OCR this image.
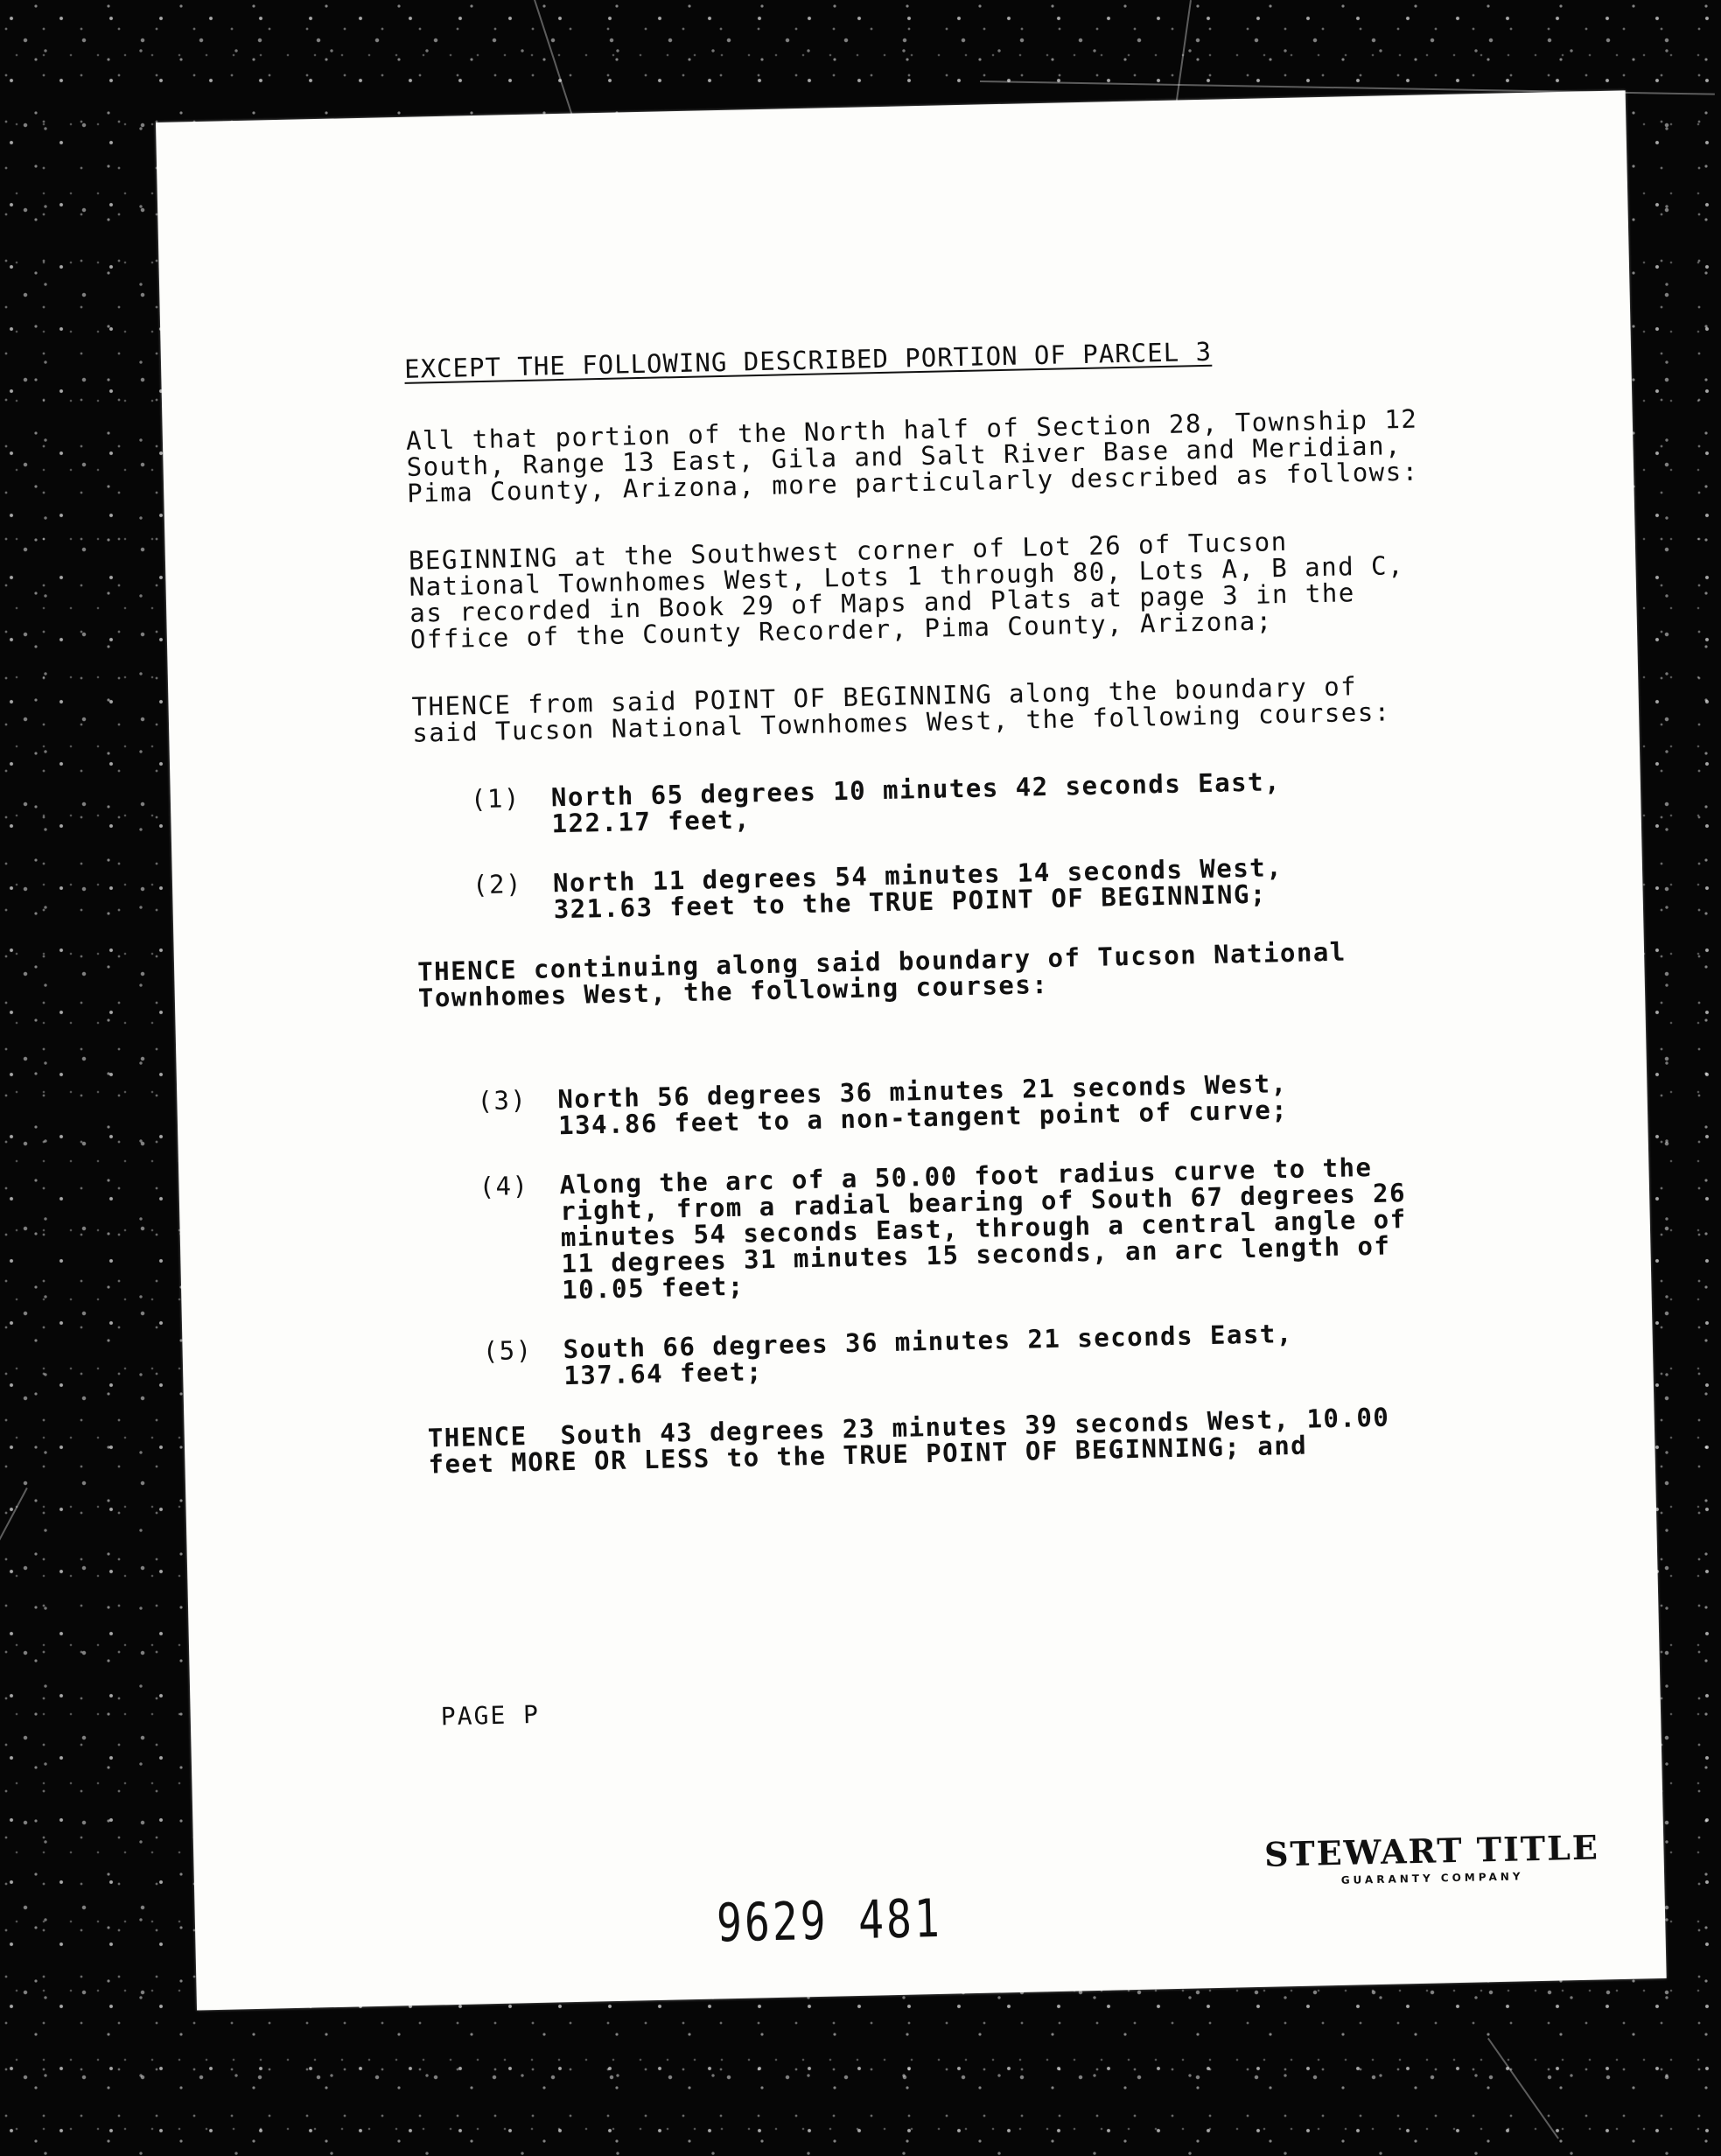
EXCEPT THE FOLLOWING DESCRIBED PORTION OF PARCEL 3
All that portion of the North half of Section 28, Township 12
South, Range 13 East, Gila and Salt River Base and Meridian,
Pima County, Arizona, more particularly described as follows:
BEGINNING at the Southwest corner of Lot 26 of Tucson
National Townhomes West, Lots 1 through 80, Lots A, B and C,
as recorded in Book 29 of Maps and Plats at page 3 in the
Office of the County Recorder, Pima County, Arizona;
THENCE from said POINT OF BEGINNING along the boundary of
said Tucson National Townhomes West, the following courses:
(1)	North 65 degrees 10 minutes 42 seconds East,
122.17 feet,
(2)	North 11 degrees 54 minutes 14 seconds West,
321.63 feet to the TRUE POINT OF BEGINNING;
THENCE continuing along said boundary of Tucson National
Townhomes West, the following courses:
(3)	North 56 degrees 36 minutes 21 seconds West,
134.86 feet to a non-tangent point of curve;
(4)	Along the arc of a 50.00 foot radius curve to the
right, from a radial bearing of South 67 degrees 26
minutes 54 seconds East, through a central angle of
11 degrees 31 minutes 15 seconds, an arc length of
10.05 feet;
(5)	South 66 degrees 36 minutes 21 seconds East,
137.64 feet;
THENCE  South 43 degrees 23 minutes 39 seconds West, 10.00
feet MORE OR LESS to the TRUE POINT OF BEGINNING; and
PAGE P
STEWART TITLE
GUARANTY COMPANY
9629 481
